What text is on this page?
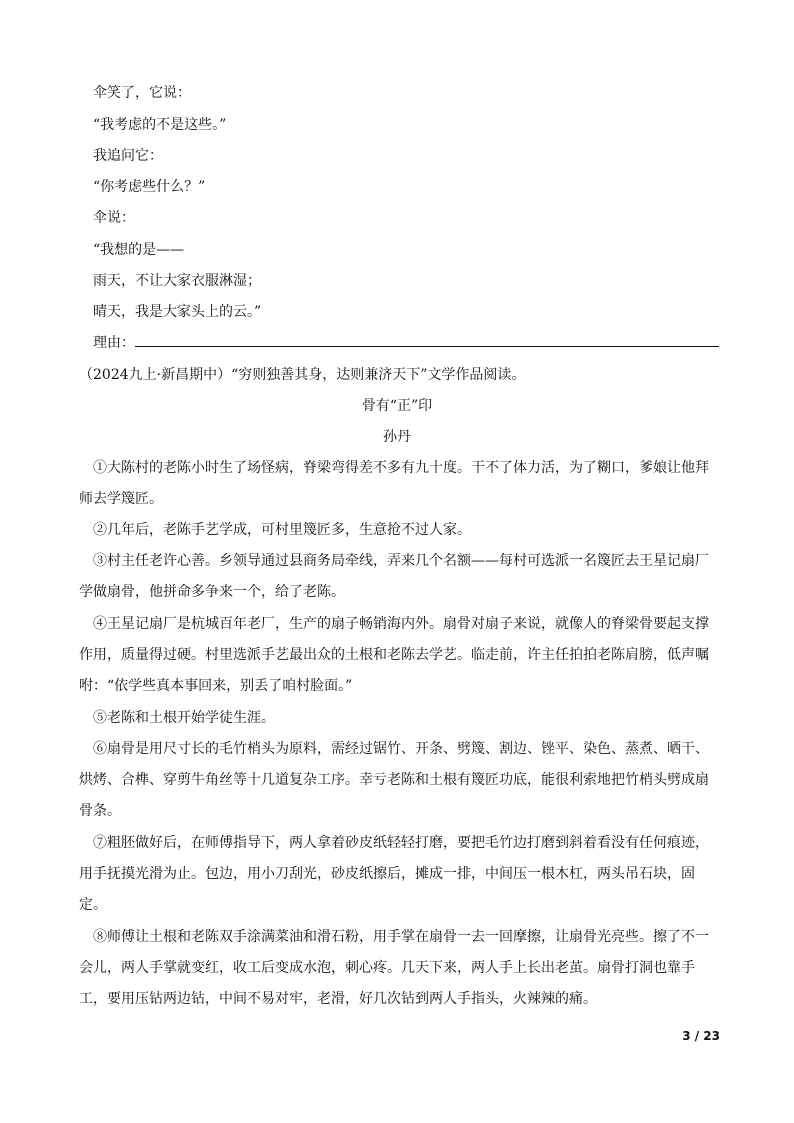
伞笑了，它说：
“我考虑的不是这些。”
我追问它：
“你考虑些什么？”
伞说：
“我想的是——
雨天，不让大家衣服淋湿；
晴天，我是大家头上的云。”
理由：
（2024九上·新昌期中）“穷则独善其身，达则兼济天下”文学作品阅读。
骨有“正”印
孙丹
①大陈村的老陈小时生了场怪病，脊梁弯得差不多有九十度。干不了体力活，为了糊口，爹娘让他拜师去学篾匠。
②几年后，老陈手艺学成，可村里篾匠多，生意抢不过人家。
③村主任老许心善。乡领导通过县商务局牵线，弄来几个名额——每村可选派一名篾匠去王星记扇厂学做扇骨，他拼命多争来一个，给了老陈。
④王星记扇厂是杭城百年老厂，生产的扇子畅销海内外。扇骨对扇子来说，就像人的脊梁骨要起支撑作用，质量得过硬。村里选派手艺最出众的土根和老陈去学艺。临走前，许主任拍拍老陈肩膀，低声嘱咐：“依学些真本事回来，别丢了咱村脸面。”
⑤老陈和土根开始学徒生涯。
⑥扇骨是用尺寸长的毛竹梢头为原料，需经过锯竹、开条、劈篾、割边、锉平、染色、蒸煮、晒干、烘烤、合榫、穿剪牛角丝等十几道复杂工序。幸亏老陈和土根有篾匠功底，能很利索地把竹梢头劈成扇骨条。
⑦粗胚做好后，在师傅指导下，两人拿着砂皮纸轻轻打磨，要把毛竹边打磨到斜着看没有任何痕迹，用手抚摸光滑为止。包边，用小刀刮光，砂皮纸擦后，摊成一排，中间压一根木杠，两头吊石块，固定。
⑧师傅让土根和老陈双手涂满菜油和滑石粉，用手掌在扇骨一去一回摩擦，让扇骨光亮些。擦了不一会儿，两人手掌就变红，收工后变成水泡，刺心疼。几天下来，两人手上长出老茧。扇骨打洞也靠手工，要用压钻两边钻，中间不易对牢，老滑，好几次钻到两人手指头，火辣辣的痛。
3 / 23
